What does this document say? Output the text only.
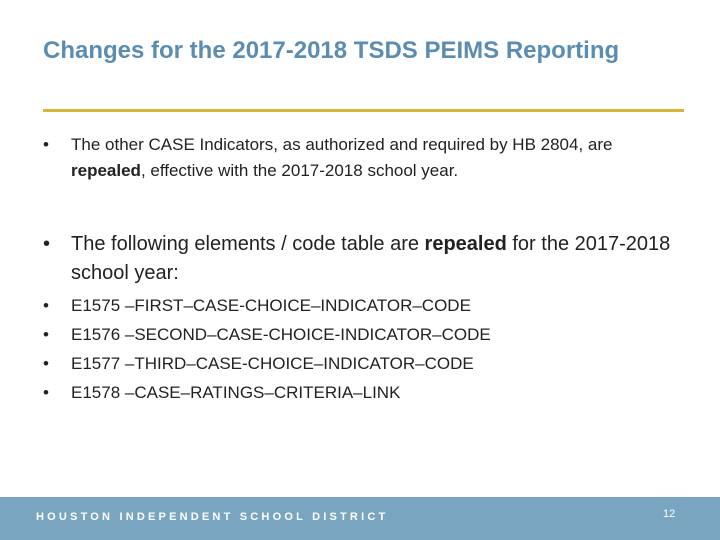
Changes for the 2017-2018 TSDS PEIMS Reporting
• The other CASE Indicators, as authorized and required by HB 2804, are repealed, effective with the 2017-2018 school year.
• The following elements / code table are repealed for the 2017-2018 school year:
• E1575 –FIRST–CASE-CHOICE–INDICATOR–CODE
• E1576 –SECOND–CASE-CHOICE-INDICATOR–CODE
• E1577 –THIRD–CASE-CHOICE–INDICATOR–CODE
• E1578 –CASE–RATINGS–CRITERIA–LINK
HOUSTON INDEPENDENT SCHOOL DISTRICT	12
